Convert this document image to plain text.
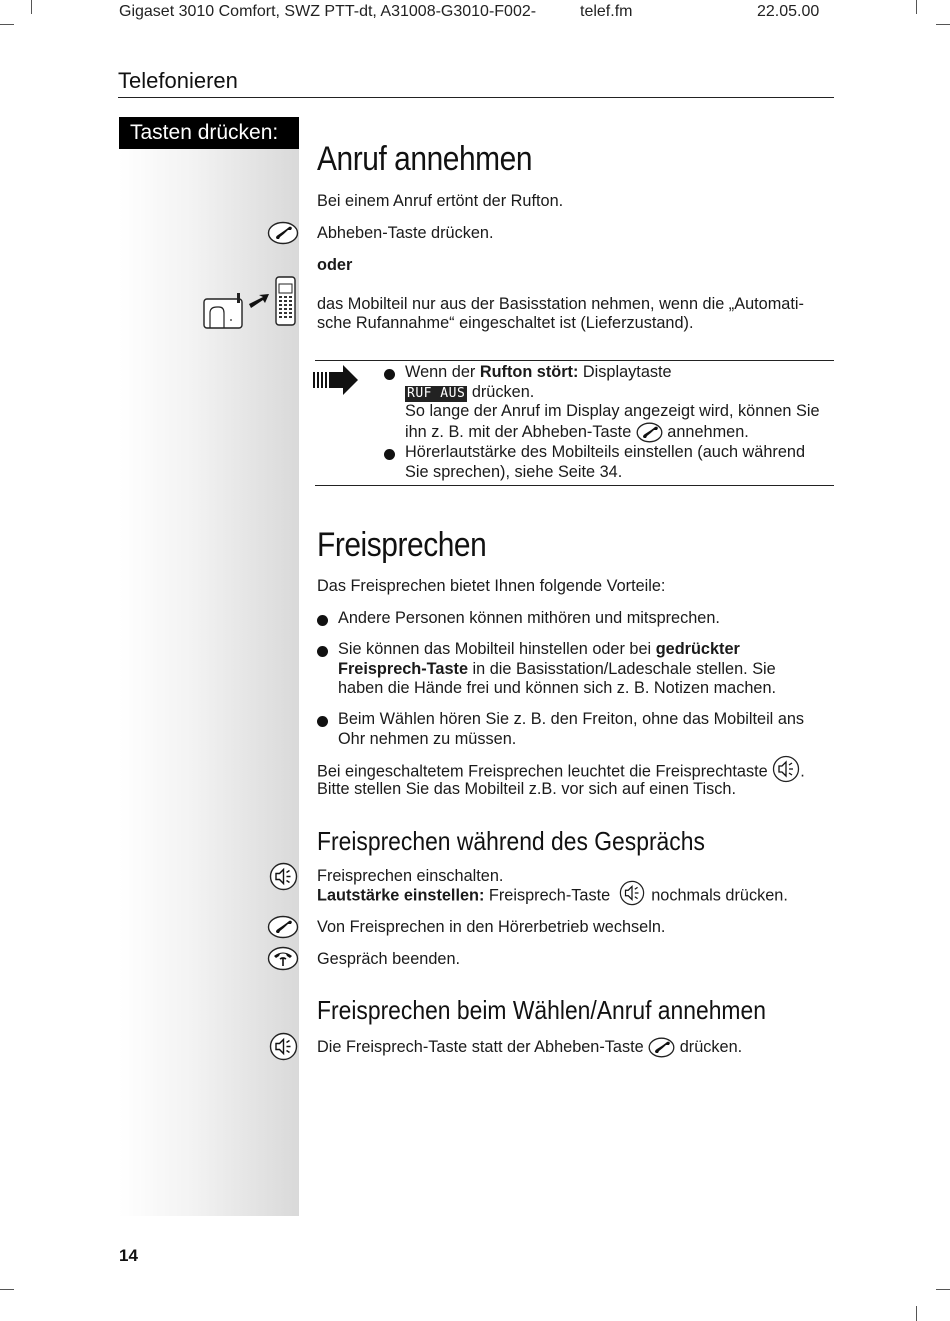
Gigaset 3010 Comfort, SWZ PTT-dt, A31008-G3010-F002-	telef.fm	22.05.00
Telefonieren
Tasten drücken:
Anruf annehmen
Bei einem Anruf ertönt der Rufton.
Abheben-Taste drücken.
oder
das Mobilteil nur aus der Basisstation nehmen, wenn die „Automati-
sche Rufannahme“ eingeschaltet ist (Lieferzustand).
Wenn der Rufton stört: Displaytaste
RUF AUS drücken.
So lange der Anruf im Display angezeigt wird, können Sie
ihn z. B. mit der Abheben-Taste  annehmen.
Hörerlautstärke des Mobilteils einstellen (auch während
Sie sprechen), siehe Seite 34.
Freisprechen
Das Freisprechen bietet Ihnen folgende Vorteile:
Andere Personen können mithören und mitsprechen.
Sie können das Mobilteil hinstellen oder bei gedrückter
Freisprech-Taste in die Basisstation/Ladeschale stellen. Sie
haben die Hände frei und können sich z. B. Notizen machen.
Beim Wählen hören Sie z. B. den Freiton, ohne das Mobilteil ans
Ohr nehmen zu müssen.
Bei eingeschaltetem Freisprechen leuchtet die Freisprechtaste .
Bitte stellen Sie das Mobilteil z.B. vor sich auf einen Tisch.
Freisprechen während des Gesprächs
Freisprechen einschalten.
Lautstärke einstellen: Freisprech-Taste  nochmals drücken.
Von Freisprechen in den Hörerbetrieb wechseln.
Gespräch beenden.
Freisprechen beim Wählen/Anruf annehmen
Die Freisprech-Taste statt der Abheben-Taste  drücken.
14
